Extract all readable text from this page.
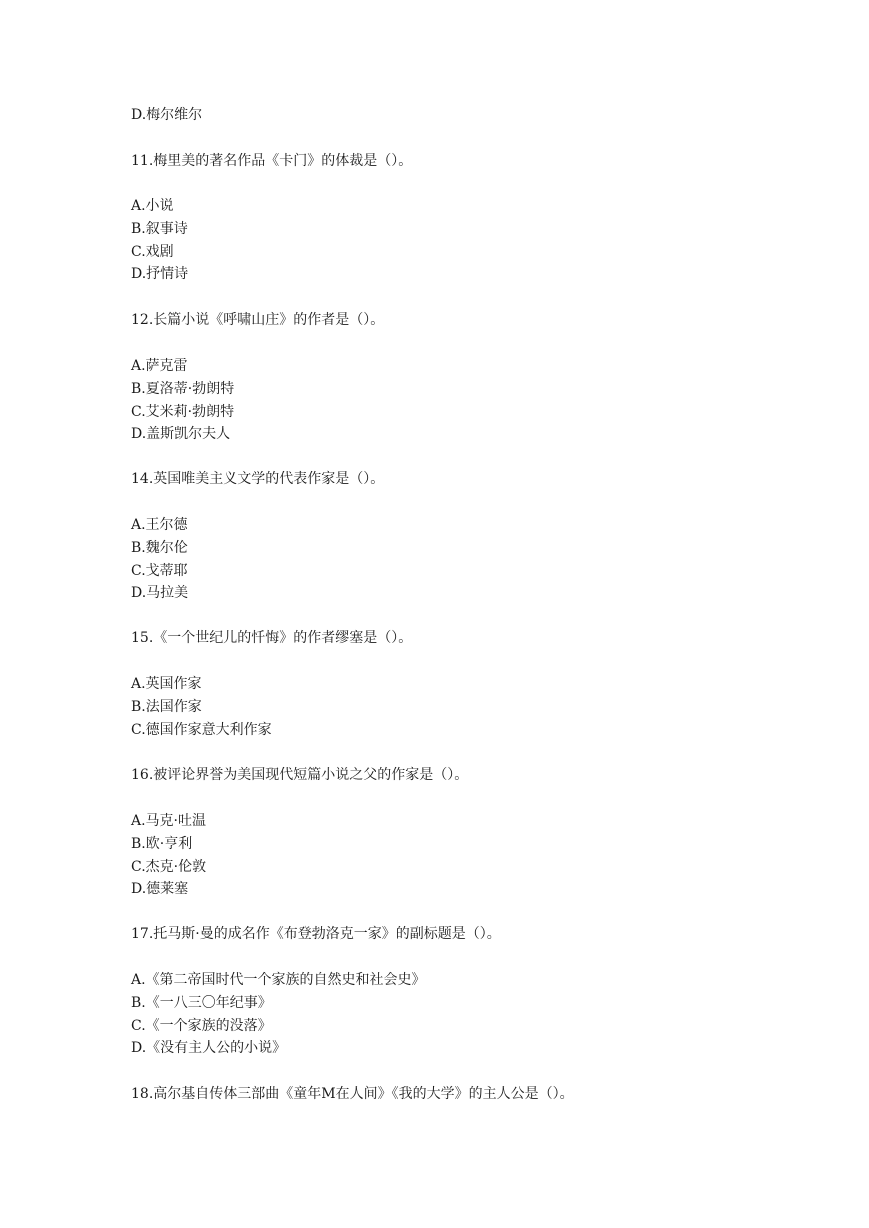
D.梅尔维尔

11.梅里美的著名作品《卡门》的体裁是（）。

A.小说

B.叙事诗

C.戏剧

D.抒情诗

12.长篇小说《呼啸山庄》的作者是（）。

A.萨克雷

B.夏洛蒂·勃朗特

C.艾米莉·勃朗特

D.盖斯凯尔夫人

14.英国唯美主义文学的代表作家是（）。

A.王尔德

B.魏尔伦

C.戈蒂耶

D.马拉美

15.《一个世纪儿的忏悔》的作者缪塞是（）。

A.英国作家

B.法国作家

C.德国作家意大利作家

16.被评论界誉为美国现代短篇小说之父的作家是（）。

A.马克·吐温

B.欧·亨利

C.杰克·伦敦

D.德莱塞

17.托马斯·曼的成名作《布登勃洛克一家》的副标题是（）。

A.《第二帝国时代一个家族的自然史和社会史》

B.《一八三〇年纪事》

C.《一个家族的没落》

D.《没有主人公的小说》

18.高尔基自传体三部曲《童年M在人间》《我的大学》的主人公是（）。
